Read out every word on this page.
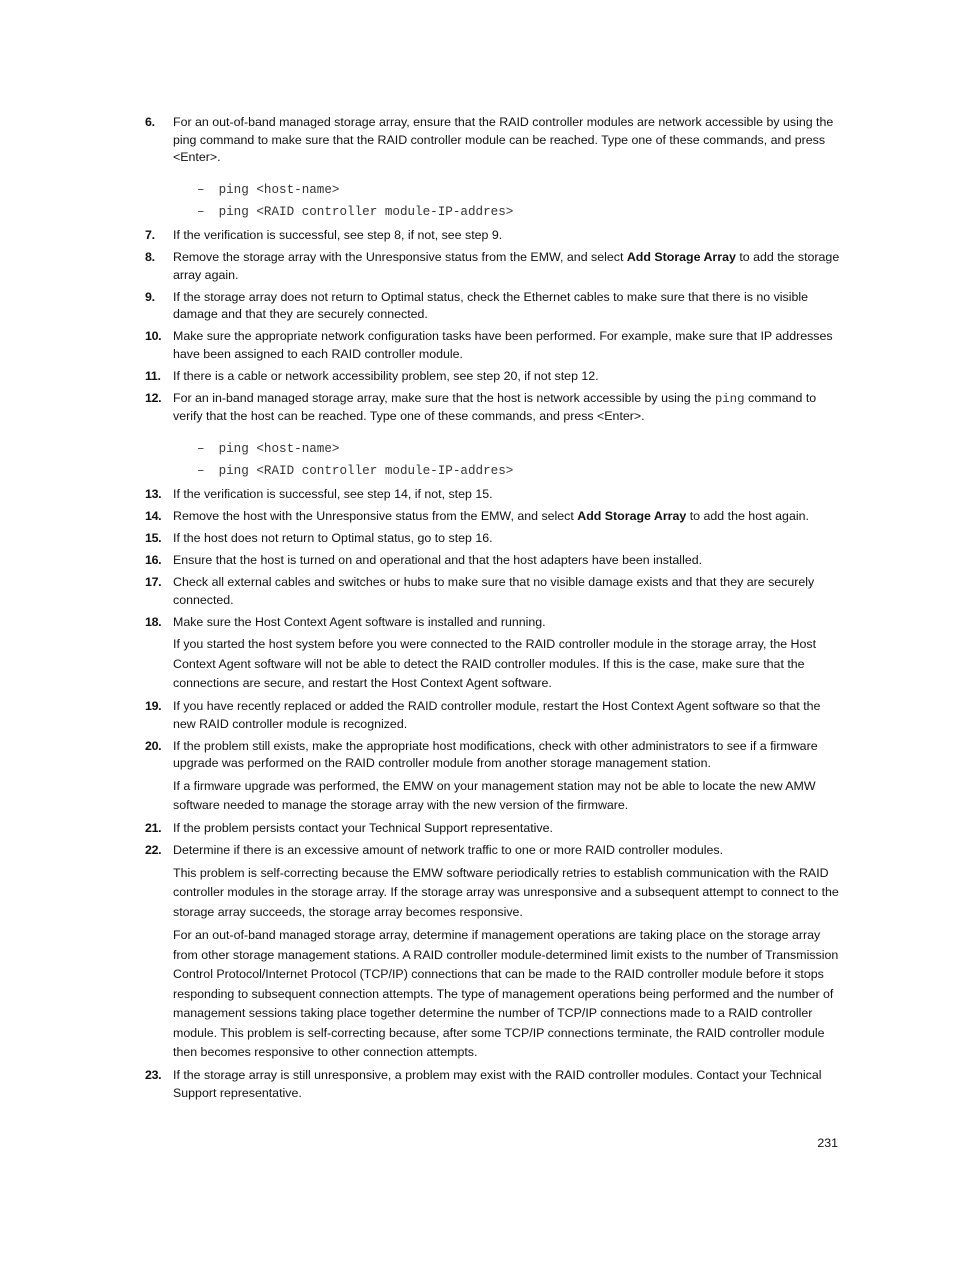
6.	For an out-of-band managed storage array, ensure that the RAID controller modules are network accessible by using the ping command to make sure that the RAID controller module can be reached. Type one of these commands, and press <Enter>.
– ping <host-name>
– ping <RAID controller module-IP-addres>
7.	If the verification is successful, see step 8, if not, see step 9.
8.	Remove the storage array with the Unresponsive status from the EMW, and select Add Storage Array to add the storage array again.
9.	If the storage array does not return to Optimal status, check the Ethernet cables to make sure that there is no visible damage and that they are securely connected.
10. Make sure the appropriate network configuration tasks have been performed. For example, make sure that IP addresses have been assigned to each RAID controller module.
11. If there is a cable or network accessibility problem, see step 20, if not step 12.
12. For an in-band managed storage array, make sure that the host is network accessible by using the ping command to verify that the host can be reached. Type one of these commands, and press <Enter>.
– ping <host-name>
– ping <RAID controller module-IP-addres>
13. If the verification is successful, see step 14, if not, step 15.
14. Remove the host with the Unresponsive status from the EMW, and select Add Storage Array to add the host again.
15. If the host does not return to Optimal status, go to step 16.
16. Ensure that the host is turned on and operational and that the host adapters have been installed.
17. Check all external cables and switches or hubs to make sure that no visible damage exists and that they are securely connected.
18. Make sure the Host Context Agent software is installed and running.
If you started the host system before you were connected to the RAID controller module in the storage array, the Host Context Agent software will not be able to detect the RAID controller modules. If this is the case, make sure that the connections are secure, and restart the Host Context Agent software.
19. If you have recently replaced or added the RAID controller module, restart the Host Context Agent software so that the new RAID controller module is recognized.
20. If the problem still exists, make the appropriate host modifications, check with other administrators to see if a firmware upgrade was performed on the RAID controller module from another storage management station.
If a firmware upgrade was performed, the EMW on your management station may not be able to locate the new AMW software needed to manage the storage array with the new version of the firmware.
21. If the problem persists contact your Technical Support representative.
22. Determine if there is an excessive amount of network traffic to one or more RAID controller modules.
This problem is self-correcting because the EMW software periodically retries to establish communication with the RAID controller modules in the storage array. If the storage array was unresponsive and a subsequent attempt to connect to the storage array succeeds, the storage array becomes responsive.
For an out-of-band managed storage array, determine if management operations are taking place on the storage array from other storage management stations. A RAID controller module-determined limit exists to the number of Transmission Control Protocol/Internet Protocol (TCP/IP) connections that can be made to the RAID controller module before it stops responding to subsequent connection attempts. The type of management operations being performed and the number of management sessions taking place together determine the number of TCP/IP connections made to a RAID controller module. This problem is self-correcting because, after some TCP/IP connections terminate, the RAID controller module then becomes responsive to other connection attempts.
23. If the storage array is still unresponsive, a problem may exist with the RAID controller modules. Contact your Technical Support representative.
231
